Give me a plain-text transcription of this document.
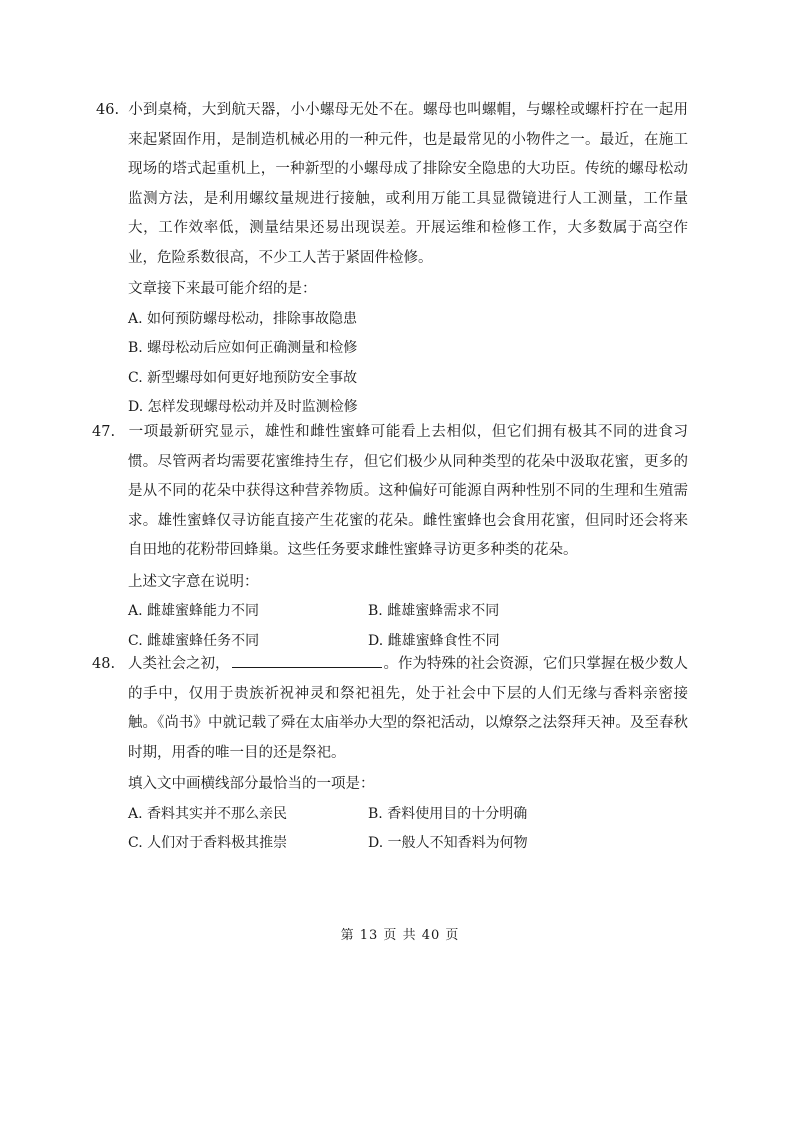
46. 小到桌椅，大到航天器，小小螺母无处不在。螺母也叫螺帽，与螺栓或螺杆拧在一起用来起紧固作用，是制造机械必用的一种元件，也是最常见的小物件之一。最近，在施工现场的塔式起重机上，一种新型的小螺母成了排除安全隐患的大功臣。传统的螺母松动监测方法，是利用螺纹量规进行接触，或利用万能工具显微镜进行人工测量，工作量大，工作效率低，测量结果还易出现误差。开展运维和检修工作，大多数属于高空作业，危险系数很高，不少工人苦于紧固件检修。

文章接下来最可能介绍的是：

A. 如何预防螺母松动，排除事故隐患
B. 螺母松动后应如何正确测量和检修
C. 新型螺母如何更好地预防安全事故
D. 怎样发现螺母松动并及时监测检修

47. 一项最新研究显示，雄性和雌性蜜蜂可能看上去相似，但它们拥有极其不同的进食习惯。尽管两者均需要花蜜维持生存，但它们极少从同种类型的花朵中汲取花蜜，更多的是从不同的花朵中获得这种营养物质。这种偏好可能源自两种性别不同的生理和生殖需求。雄性蜜蜂仅寻访能直接产生花蜜的花朵。雌性蜜蜂也会食用花蜜，但同时还会将来自田地的花粉带回蜂巢。这些任务要求雌性蜜蜂寻访更多种类的花朵。

上述文字意在说明：

A. 雌雄蜜蜂能力不同	B. 雌雄蜜蜂需求不同
C. 雌雄蜜蜂任务不同	D. 雌雄蜜蜂食性不同

48. 人类社会之初，	。作为特殊的社会资源，它们只掌握在极少数人的手中，仅用于贵族祈祝神灵和祭祀祖先，处于社会中下层的人们无缘与香料亲密接触。《尚书》中就记载了舜在太庙举办大型的祭祀活动，以燎祭之法祭拜天神。及至春秋时期，用香的唯一目的还是祭祀。

填入文中画横线部分最恰当的一项是：

A. 香料其实并不那么亲民	B. 香料使用目的十分明确
C. 人们对于香料极其推崇	D. 一般人不知香料为何物
第 13 页 共 40 页
